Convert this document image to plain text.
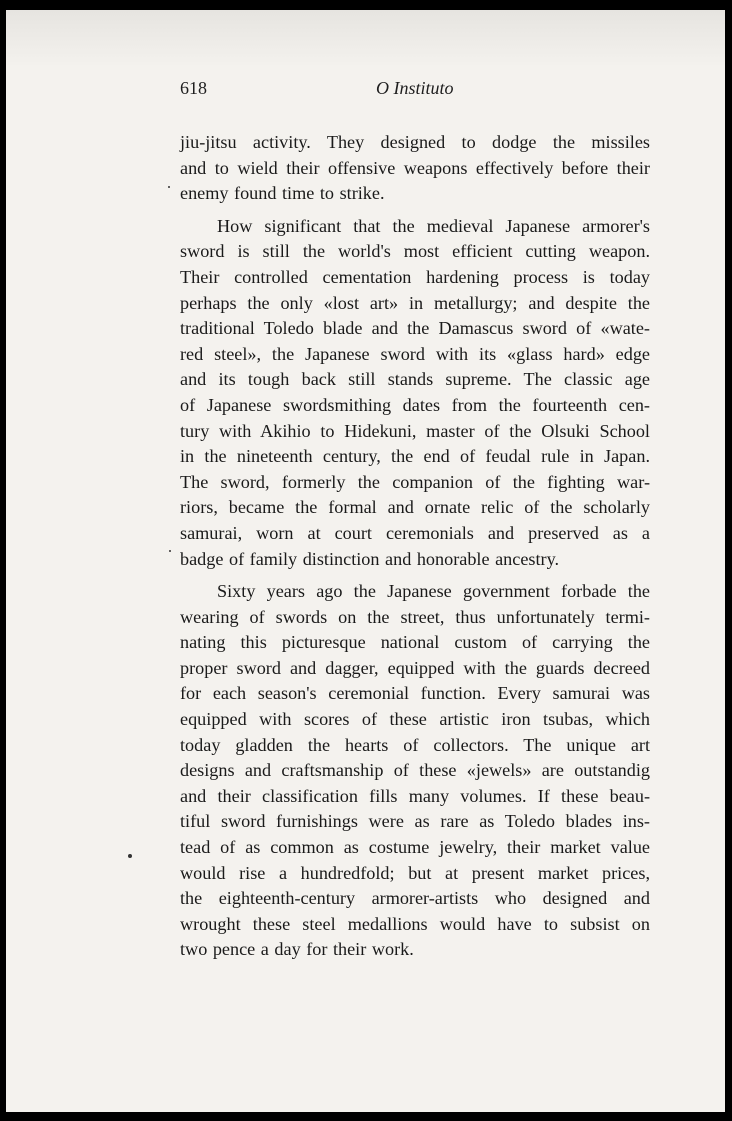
618	O Instituto

jiu-jitsu activity. They designed to dodge the missiles
and to wield their offensive weapons effectively before their
enemy found time to strike.

How significant that the medieval Japanese armorer's
sword is still the world's most efficient cutting weapon.
Their controlled cementation hardening process is today
perhaps the only «lost art» in metallurgy; and despite the
traditional Toledo blade and the Damascus sword of «wate-
red steel», the Japanese sword with its «glass hard» edge
and its tough back still stands supreme. The classic age
of Japanese swordsmithing dates from the fourteenth cen-
tury with Akihio to Hidekuni, master of the Olsuki School
in the nineteenth century, the end of feudal rule in Japan.
The sword, formerly the companion of the fighting war-
riors, became the formal and ornate relic of the scholarly
samurai, worn at court ceremonials and preserved as a
badge of family distinction and honorable ancestry.

Sixty years ago the Japanese government forbade the
wearing of swords on the street, thus unfortunately termi-
nating this picturesque national custom of carrying the
proper sword and dagger, equipped with the guards decreed
for each season's ceremonial function. Every samurai was
equipped with scores of these artistic iron tsubas, which
today gladden the hearts of collectors. The unique art
designs and craftsmanship of these «jewels» are outstandig
and their classification fills many volumes. If these beau-
tiful sword furnishings were as rare as Toledo blades ins-
tead of as common as costume jewelry, their market value
would rise a hundredfold; but at present market prices,
the eighteenth-century armorer-artists who designed and
wrought these steel medallions would have to subsist on
two pence a day for their work.
